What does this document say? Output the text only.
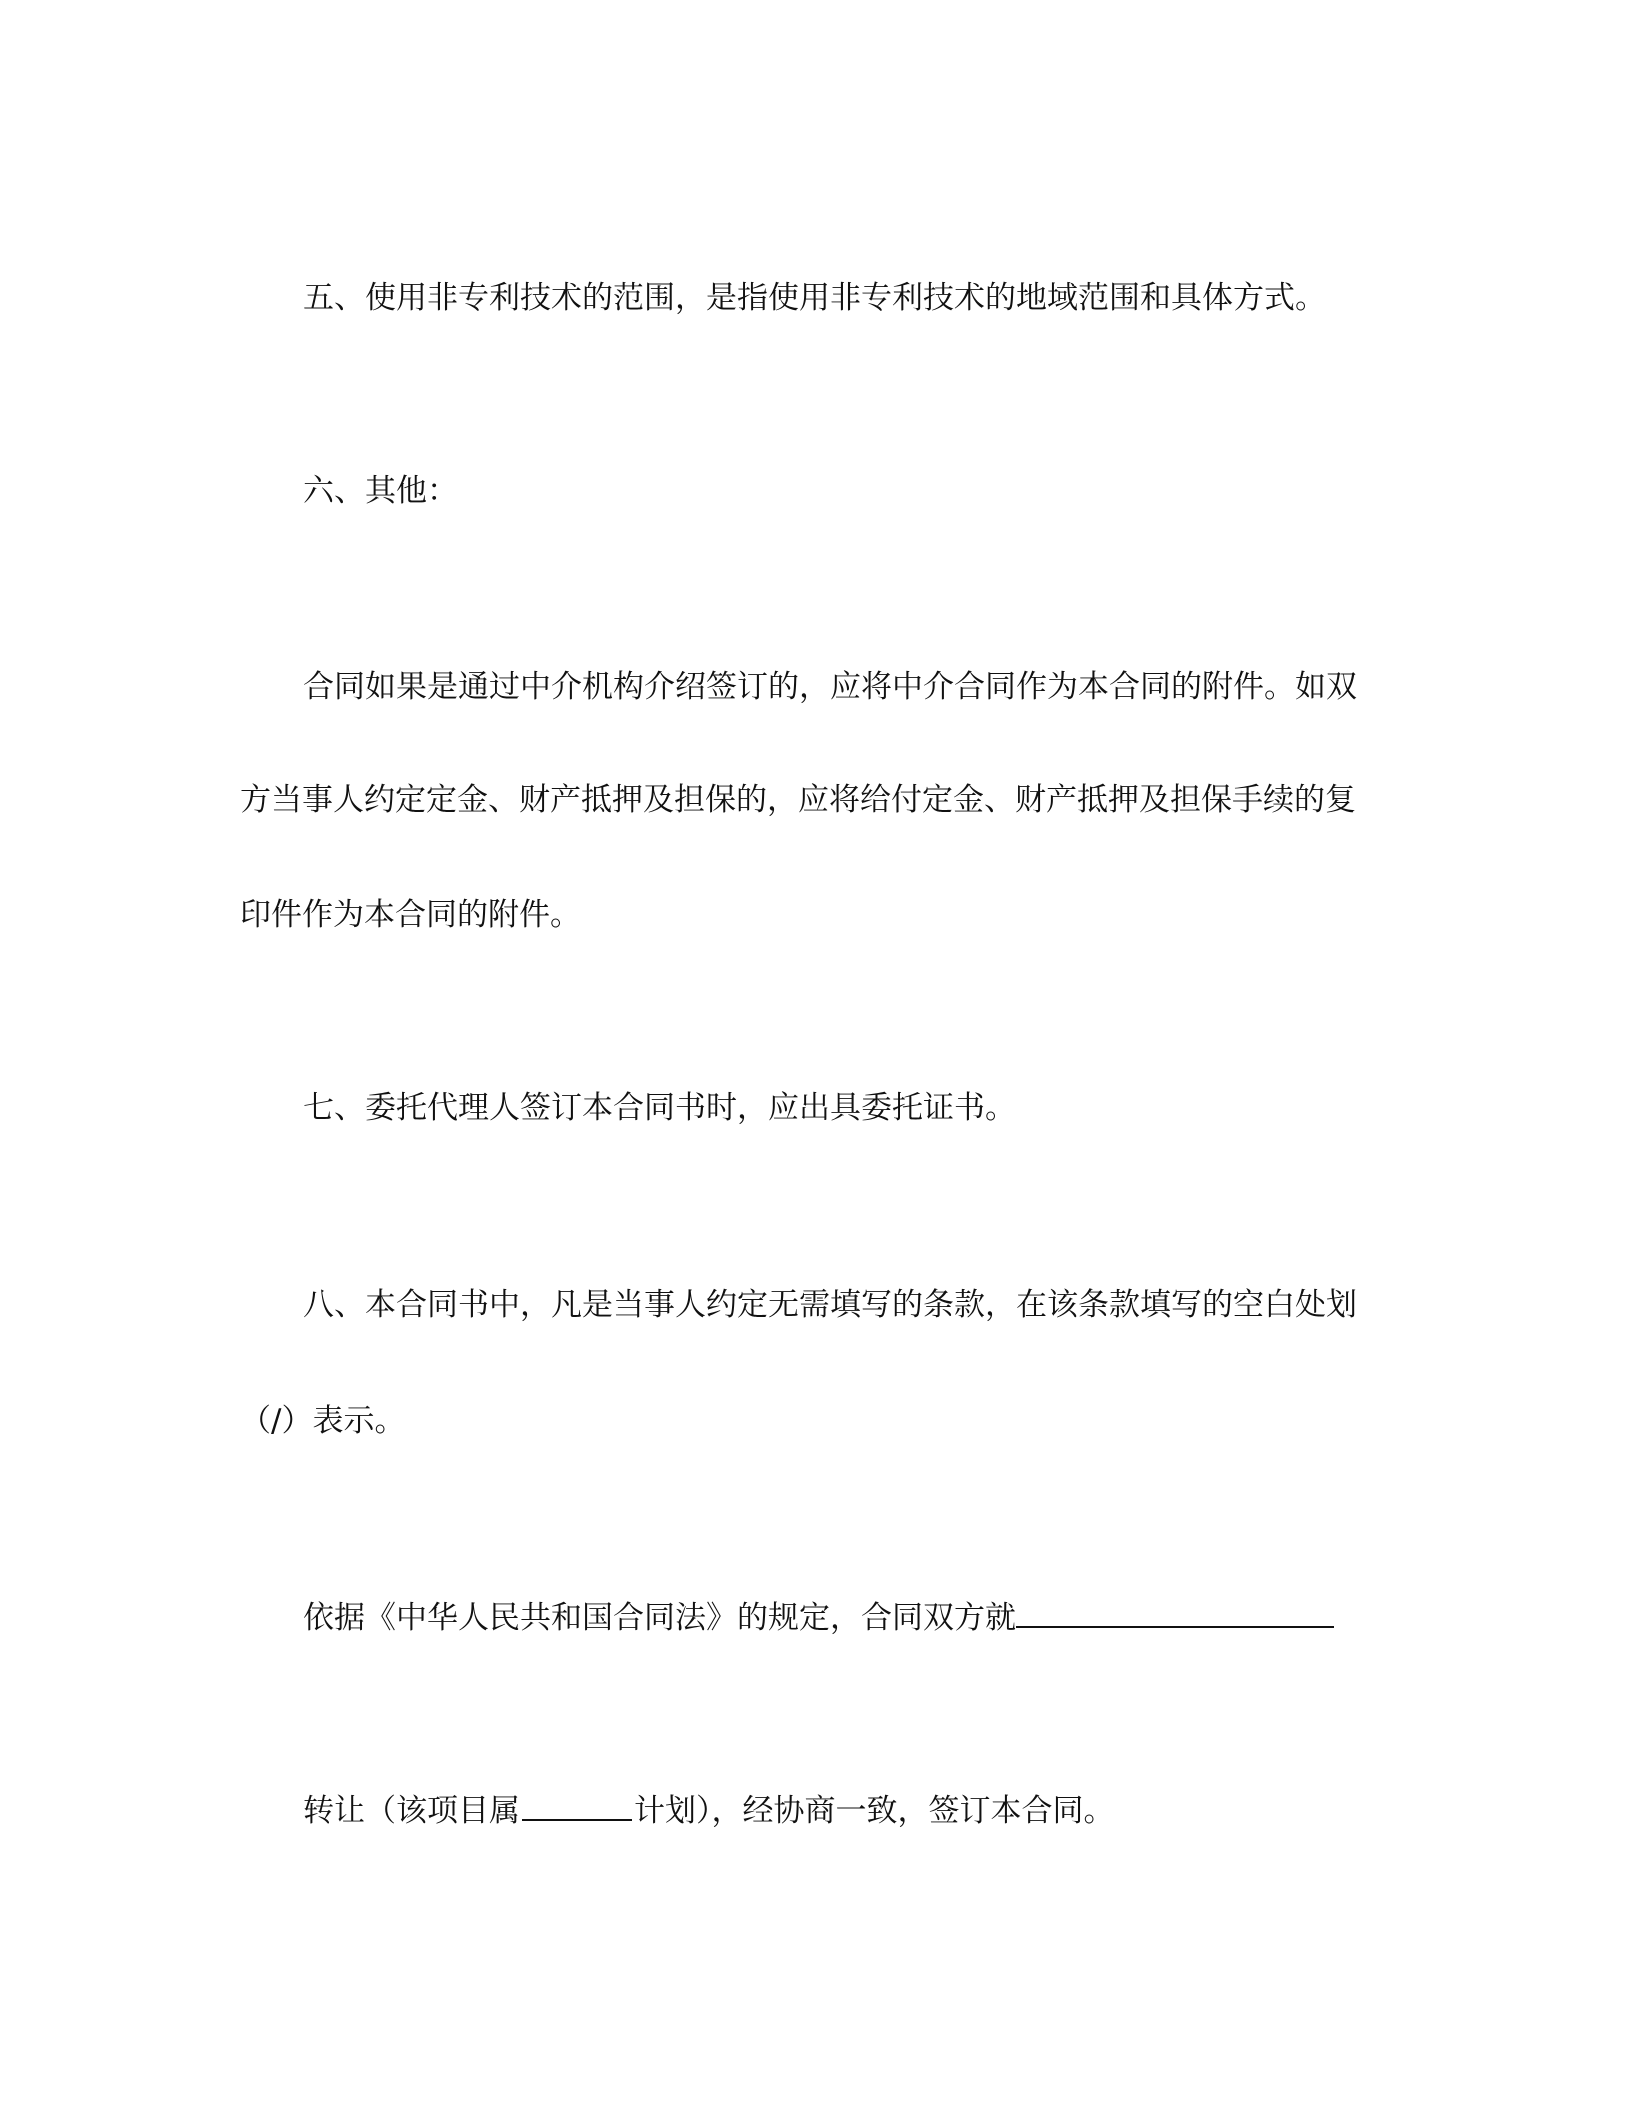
五、使用非专利技术的范围，是指使用非专利技术的地域范围和具体方式。
六、其他：
合同如果是通过中介机构介绍签订的，应将中介合同作为本合同的附件。如双
方当事人约定定金、财产抵押及担保的，应将给付定金、财产抵押及担保手续的复
印件作为本合同的附件。
七、委托代理人签订本合同书时，应出具委托证书。
八、本合同书中，凡是当事人约定无需填写的条款，在该条款填写的空白处划
（/）表示。
依据《中华人民共和国合同法》的规定，合同双方就
转让（该项目属	计划），经协商一致，签订本合同。
